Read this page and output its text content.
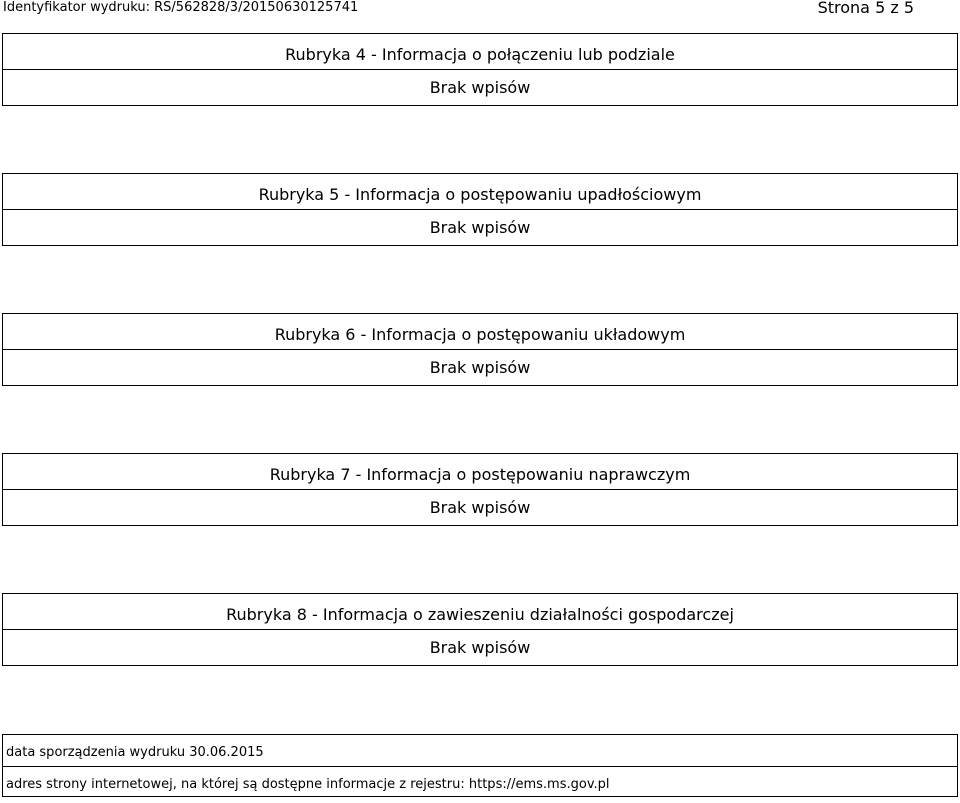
Identyfikator wydruku: RS/562828/3/20150630125741	Strona 5 z 5
Rubryka 4 - Informacja o połączeniu lub podziale
Brak wpisów
Rubryka 5 - Informacja o postępowaniu upadłościowym
Brak wpisów
Rubryka 6 - Informacja o postępowaniu układowym
Brak wpisów
Rubryka 7 - Informacja o postępowaniu naprawczym
Brak wpisów
Rubryka 8 - Informacja o zawieszeniu działalności gospodarczej
Brak wpisów
data sporządzenia wydruku 30.06.2015
adres strony internetowej, na której są dostępne informacje z rejestru: https://ems.ms.gov.pl
